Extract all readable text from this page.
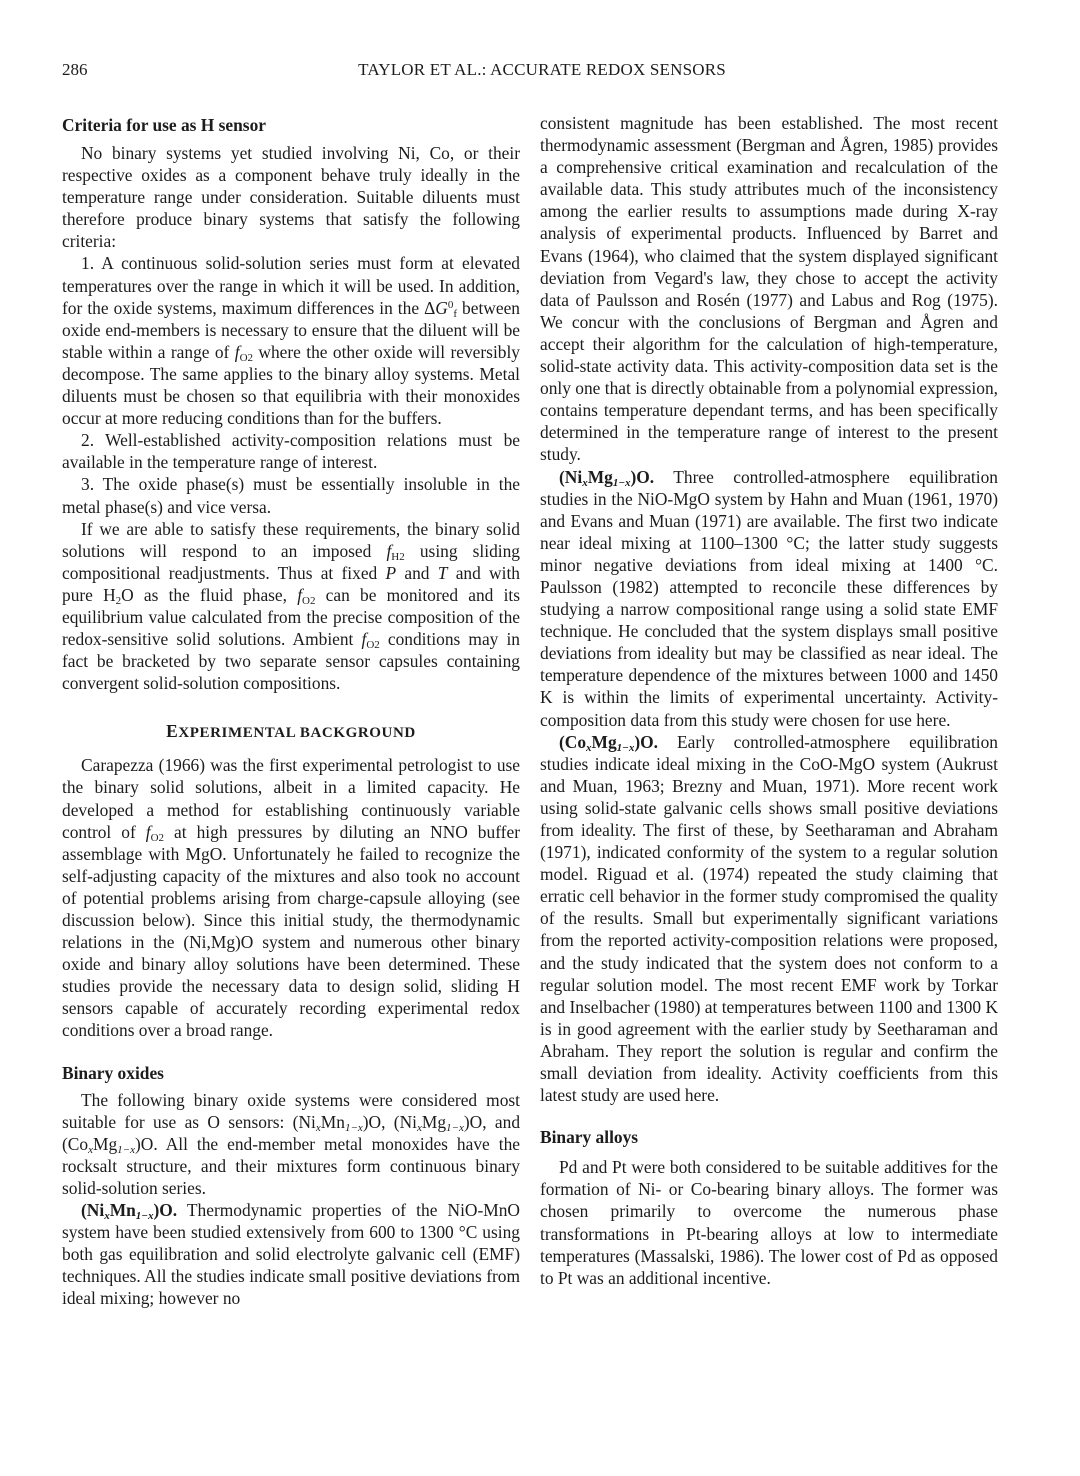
286	TAYLOR ET AL.: ACCURATE REDOX SENSORS
Criteria for use as H sensor

No binary systems yet studied involving Ni, Co, or their respective oxides as a component behave truly ideally in the temperature range under consideration. Suitable diluents must therefore produce binary systems that satisfy the following criteria:

1. A continuous solid-solution series must form at elevated temperatures over the range in which it will be used. In addition, for the oxide systems, maximum differences in the $\Delta G^0_f$ between oxide end-members is necessary to ensure that the diluent will be stable within a range of $f_{O2}$ where the other oxide will reversibly decompose. The same applies to the binary alloy systems. Metal diluents must be chosen so that equilibria with their monoxides occur at more reducing conditions than for the buffers.

2. Well-established activity-composition relations must be available in the temperature range of interest.

3. The oxide phase(s) must be essentially insoluble in the metal phase(s) and vice versa.

If we are able to satisfy these requirements, the binary solid solutions will respond to an imposed $f_{H2}$ using sliding compositional readjustments. Thus at fixed P and T and with pure $H_2O$ as the fluid phase, $f_{O2}$ can be monitored and its equilibrium value calculated from the precise composition of the redox-sensitive solid solutions. Ambient $f_{O2}$ conditions may in fact be bracketed by two separate sensor capsules containing convergent solid-solution compositions.

EXPERIMENTAL BACKGROUND

Carapezza (1966) was the first experimental petrologist to use the binary solid solutions, albeit in a limited capacity. He developed a method for establishing continuously variable control of $f_{O2}$ at high pressures by diluting an NNO buffer assemblage with MgO. Unfortunately he failed to recognize the self-adjusting capacity of the mixtures and also took no account of potential problems arising from charge-capsule alloying (see discussion below). Since this initial study, the thermodynamic relations in the (Ni,Mg)O system and numerous other binary oxide and binary alloy solutions have been determined. These studies provide the necessary data to design solid, sliding H sensors capable of accurately recording experimental redox conditions over a broad range.

Binary oxides

The following binary oxide systems were considered most suitable for use as O sensors: $(Ni_xMn_{1-x})O$, $(Ni_xMg_{1-x})O$, and $(Co_xMg_{1-x})O$. All the end-member metal monoxides have the rocksalt structure, and their mixtures form continuous binary solid-solution series.

$(Ni_xMn_{1-x})O$. Thermodynamic properties of the NiO-MnO system have been studied extensively from 600 to 1300 °C using both gas equilibration and solid electrolyte galvanic cell (EMF) techniques. All the studies indicate small positive deviations from ideal mixing; however no

consistent magnitude has been established. The most recent thermodynamic assessment (Bergman and Ågren, 1985) provides a comprehensive critical examination and recalculation of the available data. This study attributes much of the inconsistency among the earlier results to assumptions made during X-ray analysis of experimental products. Influenced by Barret and Evans (1964), who claimed that the system displayed significant deviation from Vegard's law, they chose to accept the activity data of Paulsson and Rosén (1977) and Labus and Rog (1975). We concur with the conclusions of Bergman and Ågren and accept their algorithm for the calculation of high-temperature, solid-state activity data. This activity-composition data set is the only one that is directly obtainable from a polynomial expression, contains temperature dependant terms, and has been specifically determined in the temperature range of interest to the present study.

$(Ni_xMg_{1-x})O$. Three controlled-atmosphere equilibration studies in the NiO-MgO system by Hahn and Muan (1961, 1970) and Evans and Muan (1971) are available. The first two indicate near ideal mixing at 1100–1300 °C; the latter study suggests minor negative deviations from ideal mixing at 1400 °C. Paulsson (1982) attempted to reconcile these differences by studying a narrow compositional range using a solid state EMF technique. He concluded that the system displays small positive deviations from ideality but may be classified as near ideal. The temperature dependence of the mixtures between 1000 and 1450 K is within the limits of experimental uncertainty. Activity-composition data from this study were chosen for use here.

$(Co_xMg_{1-x})O$. Early controlled-atmosphere equilibration studies indicate ideal mixing in the CoO-MgO system (Aukrust and Muan, 1963; Brezny and Muan, 1971). More recent work using solid-state galvanic cells shows small positive deviations from ideality. The first of these, by Seetharaman and Abraham (1971), indicated conformity of the system to a regular solution model. Riguad et al. (1974) repeated the study claiming that erratic cell behavior in the former study compromised the quality of the results. Small but experimentally significant variations from the reported activity-composition relations were proposed, and the study indicated that the system does not conform to a regular solution model. The most recent EMF work by Torkar and Inselbacher (1980) at temperatures between 1100 and 1300 K is in good agreement with the earlier study by Seetharaman and Abraham. They report the solution is regular and confirm the small deviation from ideality. Activity coefficients from this latest study are used here.

Binary alloys

Pd and Pt were both considered to be suitable additives for the formation of Ni- or Co-bearing binary alloys. The former was chosen primarily to overcome the numerous phase transformations in Pt-bearing alloys at low to intermediate temperatures (Massalski, 1986). The lower cost of Pd as opposed to Pt was an additional incentive.
